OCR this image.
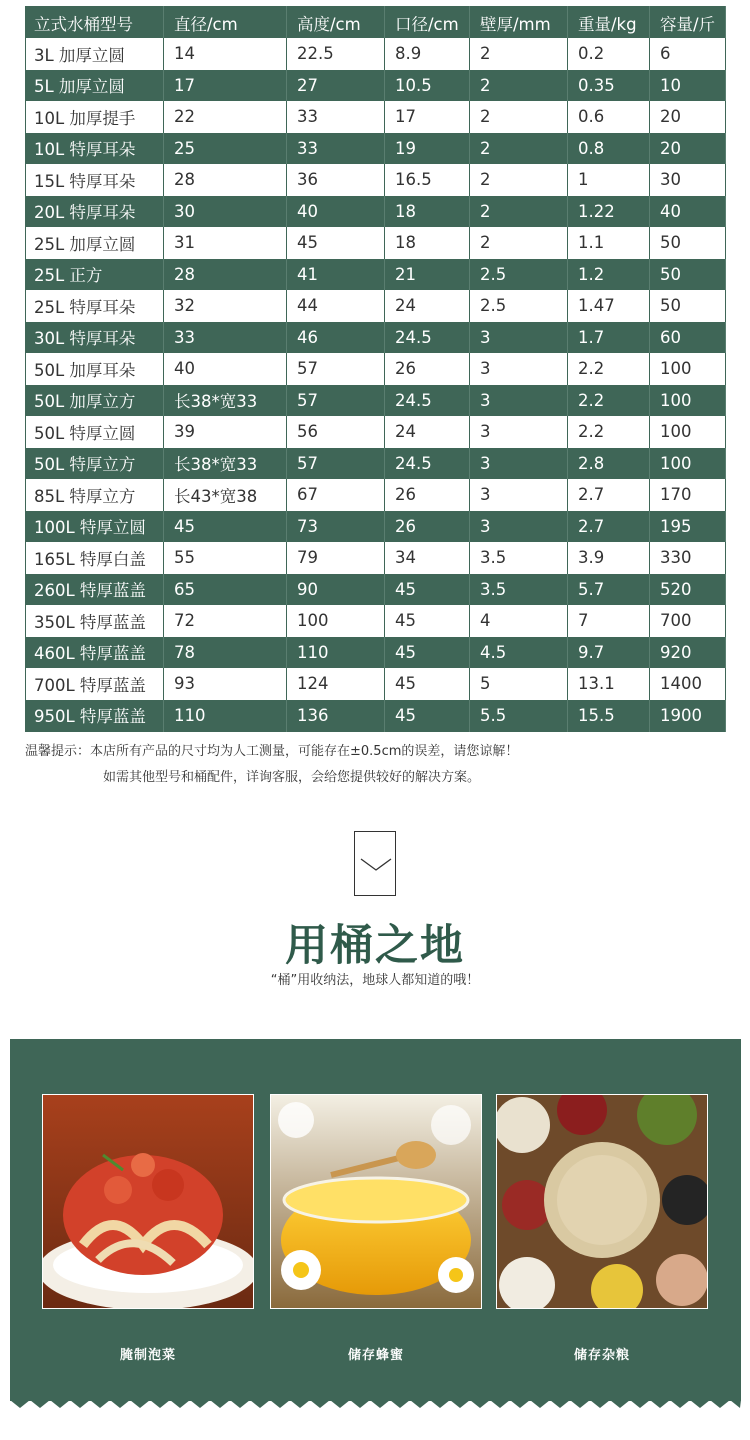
立式水桶型号	直径/cm	高度/cm	口径/cm	壁厚/mm	重量/kg	容量/斤
3L 加厚立圆	14	22.5	8.9	2	0.2	6
5L 加厚立圆	17	27	10.5	2	0.35	10
10L 加厚提手	22	33	17	2	0.6	20
10L 特厚耳朵	25	33	19	2	0.8	20
15L 特厚耳朵	28	36	16.5	2	1	30
20L 特厚耳朵	30	40	18	2	1.22	40
25L 加厚立圆	31	45	18	2	1.1	50
25L 正方	28	41	21	2.5	1.2	50
25L 特厚耳朵	32	44	24	2.5	1.47	50
30L 特厚耳朵	33	46	24.5	3	1.7	60
50L 加厚耳朵	40	57	26	3	2.2	100
50L 加厚立方	长38*宽33	57	24.5	3	2.2	100
50L 特厚立圆	39	56	24	3	2.2	100
50L 特厚立方	长38*宽33	57	24.5	3	2.8	100
85L 特厚立方	长43*宽38	67	26	3	2.7	170
100L 特厚立圆	45	73	26	3	2.7	195
165L 特厚白盖	55	79	34	3.5	3.9	330
260L 特厚蓝盖	65	90	45	3.5	5.7	520
350L 特厚蓝盖	72	100	45	4	7	700
460L 特厚蓝盖	78	110	45	4.5	9.7	920
700L 特厚蓝盖	93	124	45	5	13.1	1400
950L 特厚蓝盖	110	136	45	5.5	15.5	1900
温馨提示：本店所有产品的尺寸均为人工测量，可能存在±0.5cm的误差，请您谅解！
如需其他型号和桶配件，详询客服，会给您提供较好的解决方案。
用桶之地
“桶”用收纳法，地球人都知道的哦！
腌制泡菜	储存蜂蜜	储存杂粮
